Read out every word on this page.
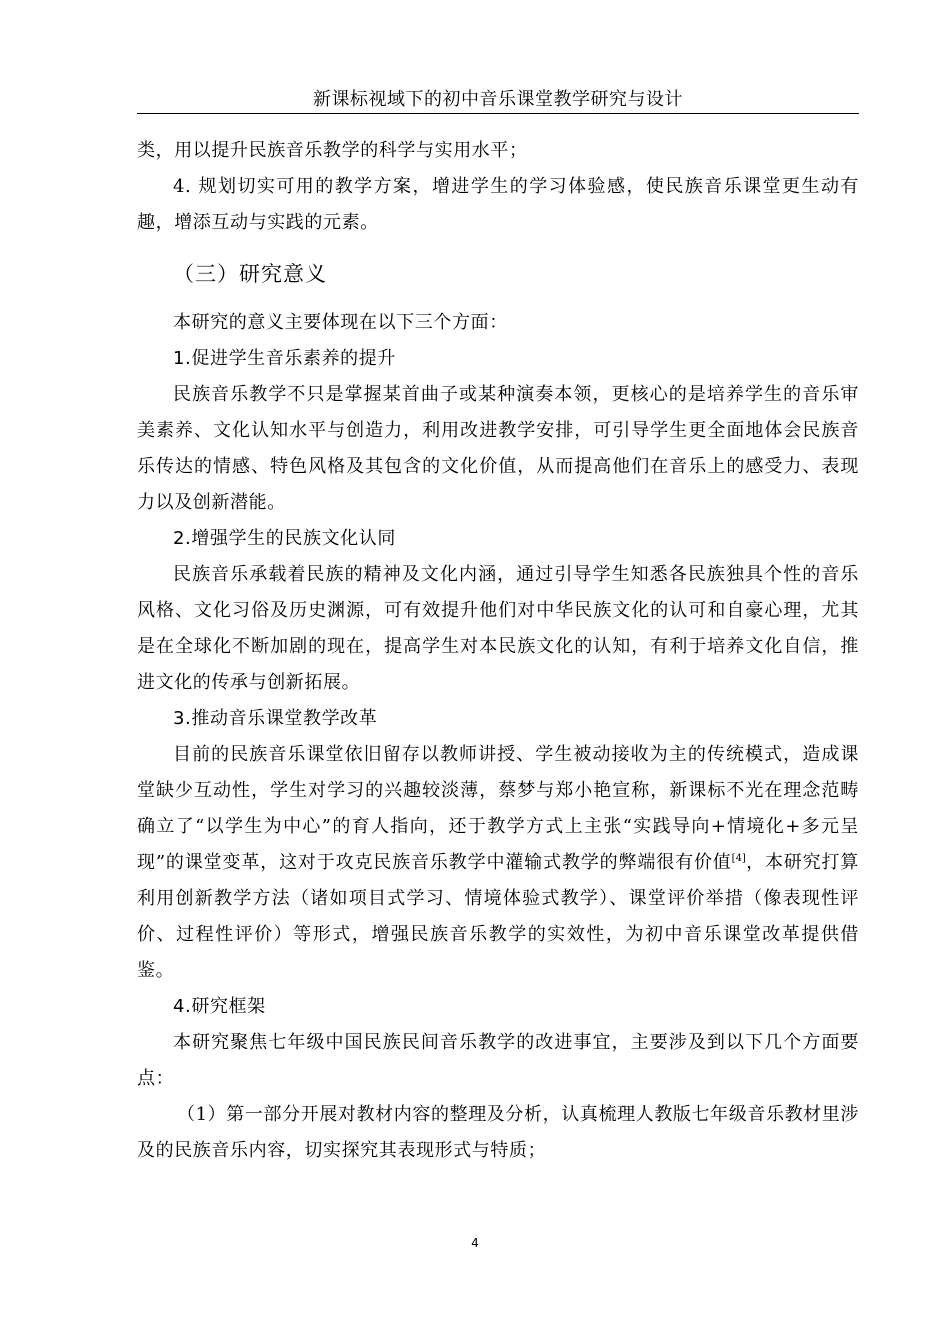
新课标视域下的初中音乐课堂教学研究与设计

类，用以提升民族音乐教学的科学与实用水平；

4. 规划切实可用的教学方案，增进学生的学习体验感，使民族音乐课堂更生动有趣，增添互动与实践的元素。

（三）研究意义

本研究的意义主要体现在以下三个方面：

1.促进学生音乐素养的提升

民族音乐教学不只是掌握某首曲子或某种演奏本领，更核心的是培养学生的音乐审美素养、文化认知水平与创造力，利用改进教学安排，可引导学生更全面地体会民族音乐传达的情感、特色风格及其包含的文化价值，从而提高他们在音乐上的感受力、表现力以及创新潜能。

2.增强学生的民族文化认同

民族音乐承载着民族的精神及文化内涵，通过引导学生知悉各民族独具个性的音乐风格、文化习俗及历史渊源，可有效提升他们对中华民族文化的认可和自豪心理，尤其是在全球化不断加剧的现在，提高学生对本民族文化的认知，有利于培养文化自信，推进文化的传承与创新拓展。

3.推动音乐课堂教学改革

目前的民族音乐课堂依旧留存以教师讲授、学生被动接收为主的传统模式，造成课堂缺少互动性，学生对学习的兴趣较淡薄，蔡梦与郑小艳宣称，新课标不光在理念范畴确立了“以学生为中心”的育人指向，还于教学方式上主张“实践导向+情境化+多元呈现”的课堂变革，这对于攻克民族音乐教学中灌输式教学的弊端很有价值[4]，本研究打算利用创新教学方法（诸如项目式学习、情境体验式教学）、课堂评价举措（像表现性评价、过程性评价）等形式，增强民族音乐教学的实效性，为初中音乐课堂改革提供借鉴。

4.研究框架

本研究聚焦七年级中国民族民间音乐教学的改进事宜，主要涉及到以下几个方面要点：

（1）第一部分开展对教材内容的整理及分析，认真梳理人教版七年级音乐教材里涉及的民族音乐内容，切实探究其表现形式与特质；

4
